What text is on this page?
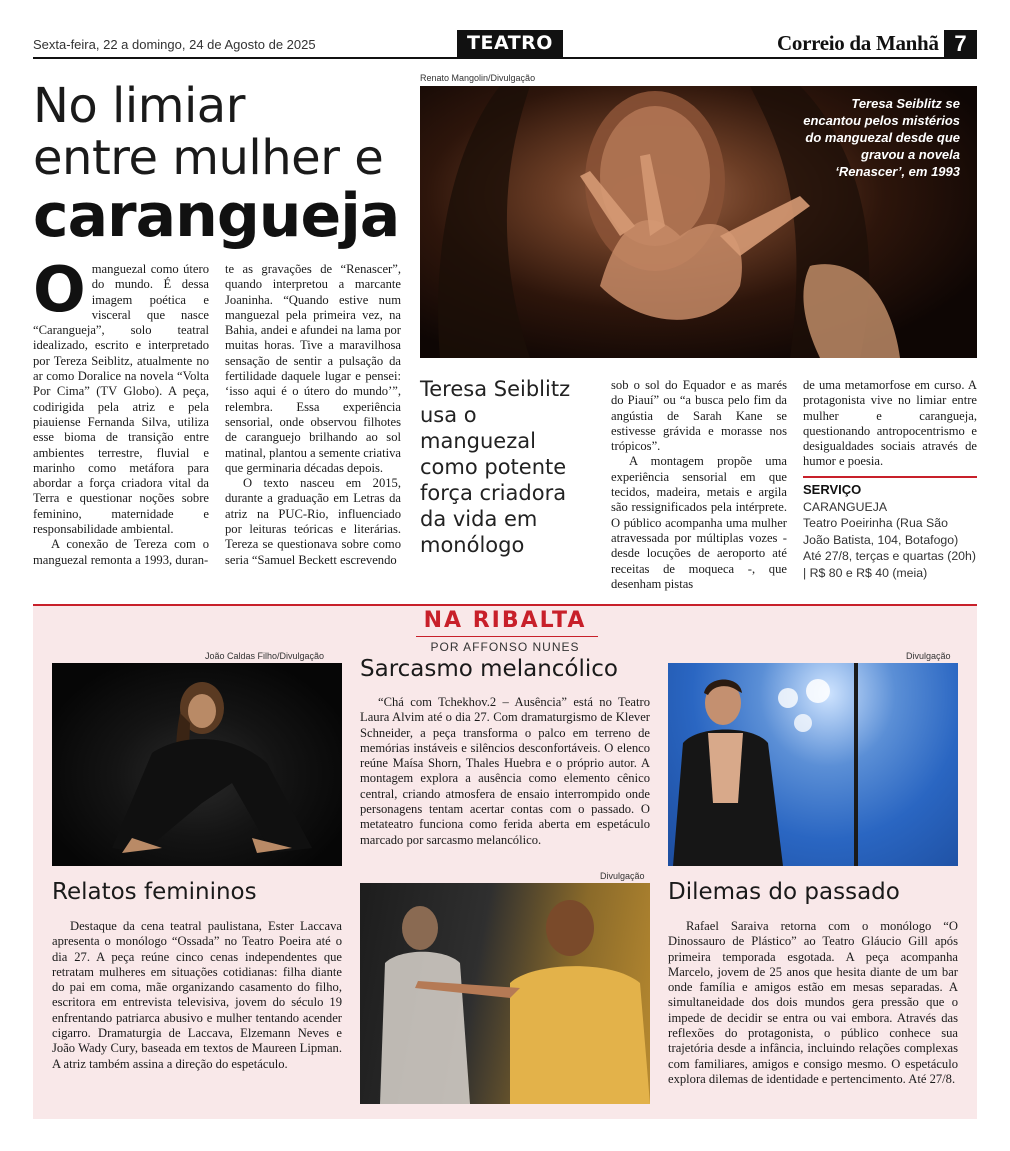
Sexta-feira, 22 a domingo, 24 de Agosto de 2025	TEATRO	Correio da Manhã 7
No limiar
entre mulher e
carangueja
Renato Mangolin/Divulgação
Teresa Seiblitz se encantou pelos mistérios do manguezal desde que gravou a novela ‘Renascer’, em 1993
O manguezal como útero do mundo. É dessa imagem poética e visceral que nasce “Carangueja”, solo teatral idealizado, escrito e interpretado por Tereza Seiblitz, atualmente no ar como Doralice na novela “Volta Por Cima” (TV Globo). A peça, codirigida pela atriz e pela piauiense Fernanda Silva, utiliza esse bioma de transição entre ambientes terrestre, fluvial e marinho como metáfora para abordar a força criadora vital da Terra e questionar noções sobre feminino, maternidade e responsabilidade ambiental.

A conexão de Tereza com o manguezal remonta a 1993, duran-

te as gravações de “Renascer”, quando interpretou a marcante Joaninha. “Quando estive num manguezal pela primeira vez, na Bahia, andei e afundei na lama por muitas horas. Tive a maravilhosa sensação de sentir a pulsação da fertilidade daquele lugar e pensei: ‘isso aqui é o útero do mundo’”, relembra. Essa experiência sensorial, onde observou filhotes de caranguejo brilhando ao sol matinal, plantou a semente criativa que germinaria décadas depois.

O texto nasceu em 2015, durante a graduação em Letras da atriz na PUC-Rio, influenciado por leituras teóricas e literárias. Tereza se questionava sobre como seria “Samuel Beckett escrevendo

Teresa Seiblitz usa o manguezal como potente força criadora da vida em monólogo

sob o sol do Equador e as marés do Piauí” ou “a busca pelo fim da angústia de Sarah Kane se estivesse grávida e morasse nos trópicos”.

A montagem propõe uma experiência sensorial em que tecidos, madeira, metais e argila são ressignificados pela intérprete. O público acompanha uma mulher atravessada por múltiplas vozes - desde locuções de aeroporto até receitas de moqueca -, que desenham pistas

de uma metamorfose em curso. A protagonista vive no limiar entre mulher e carangueja, questionando antropocentrismo e desigualdades sociais através de humor e poesia.

SERVIÇO
CARANGUEJA
Teatro Poeirinha (Rua São João Batista, 104, Botafogo)
Até 27/8, terças e quartas (20h)
| R$ 80 e R$ 40 (meia)
NA RIBALTA
POR AFFONSO NUNES
João Caldas Filho/Divulgação
Relatos femininos

Destaque da cena teatral paulistana, Ester Laccava apresenta o monólogo “Ossada” no Teatro Poeira até o dia 27. A peça reúne cinco cenas independentes que retratam mulheres em situações cotidianas: filha diante do pai em coma, mãe organizando casamento do filho, escritora em entrevista televisiva, jovem do século 19 enfrentando patriarca abusivo e mulher tentando acender cigarro. Dramaturgia de Laccava, Elzemann Neves e João Wady Cury, baseada em textos de Maureen Lipman. A atriz também assina a direção do espetáculo.

Sarcasmo melancólico

“Chá com Tchekhov.2 – Ausência” está no Teatro Laura Alvim até o dia 27. Com dramaturgismo de Klever Schneider, a peça transforma o palco em terreno de memórias instáveis e silêncios desconfortáveis. O elenco reúne Maísa Shorn, Thales Huebra e o próprio autor. A montagem explora a ausência como elemento cênico central, criando atmosfera de ensaio interrompido onde personagens tentam acertar contas com o passado. O metateatro funciona como ferida aberta em espetáculo marcado por sarcasmo melancólico.

Divulgação
Divulgação
Dilemas do passado

Rafael Saraiva retorna com o monólogo “O Dinossauro de Plástico” ao Teatro Gláucio Gill após primeira temporada esgotada. A peça acompanha Marcelo, jovem de 25 anos que hesita diante de um bar onde família e amigos estão em mesas separadas. A simultaneidade dos dois mundos gera pressão que o impede de decidir se entra ou vai embora. Através das reflexões do protagonista, o público conhece sua trajetória desde a infância, incluindo relações complexas com familiares, amigos e consigo mesmo. O espetáculo explora dilemas de identidade e pertencimento. Até 27/8.
